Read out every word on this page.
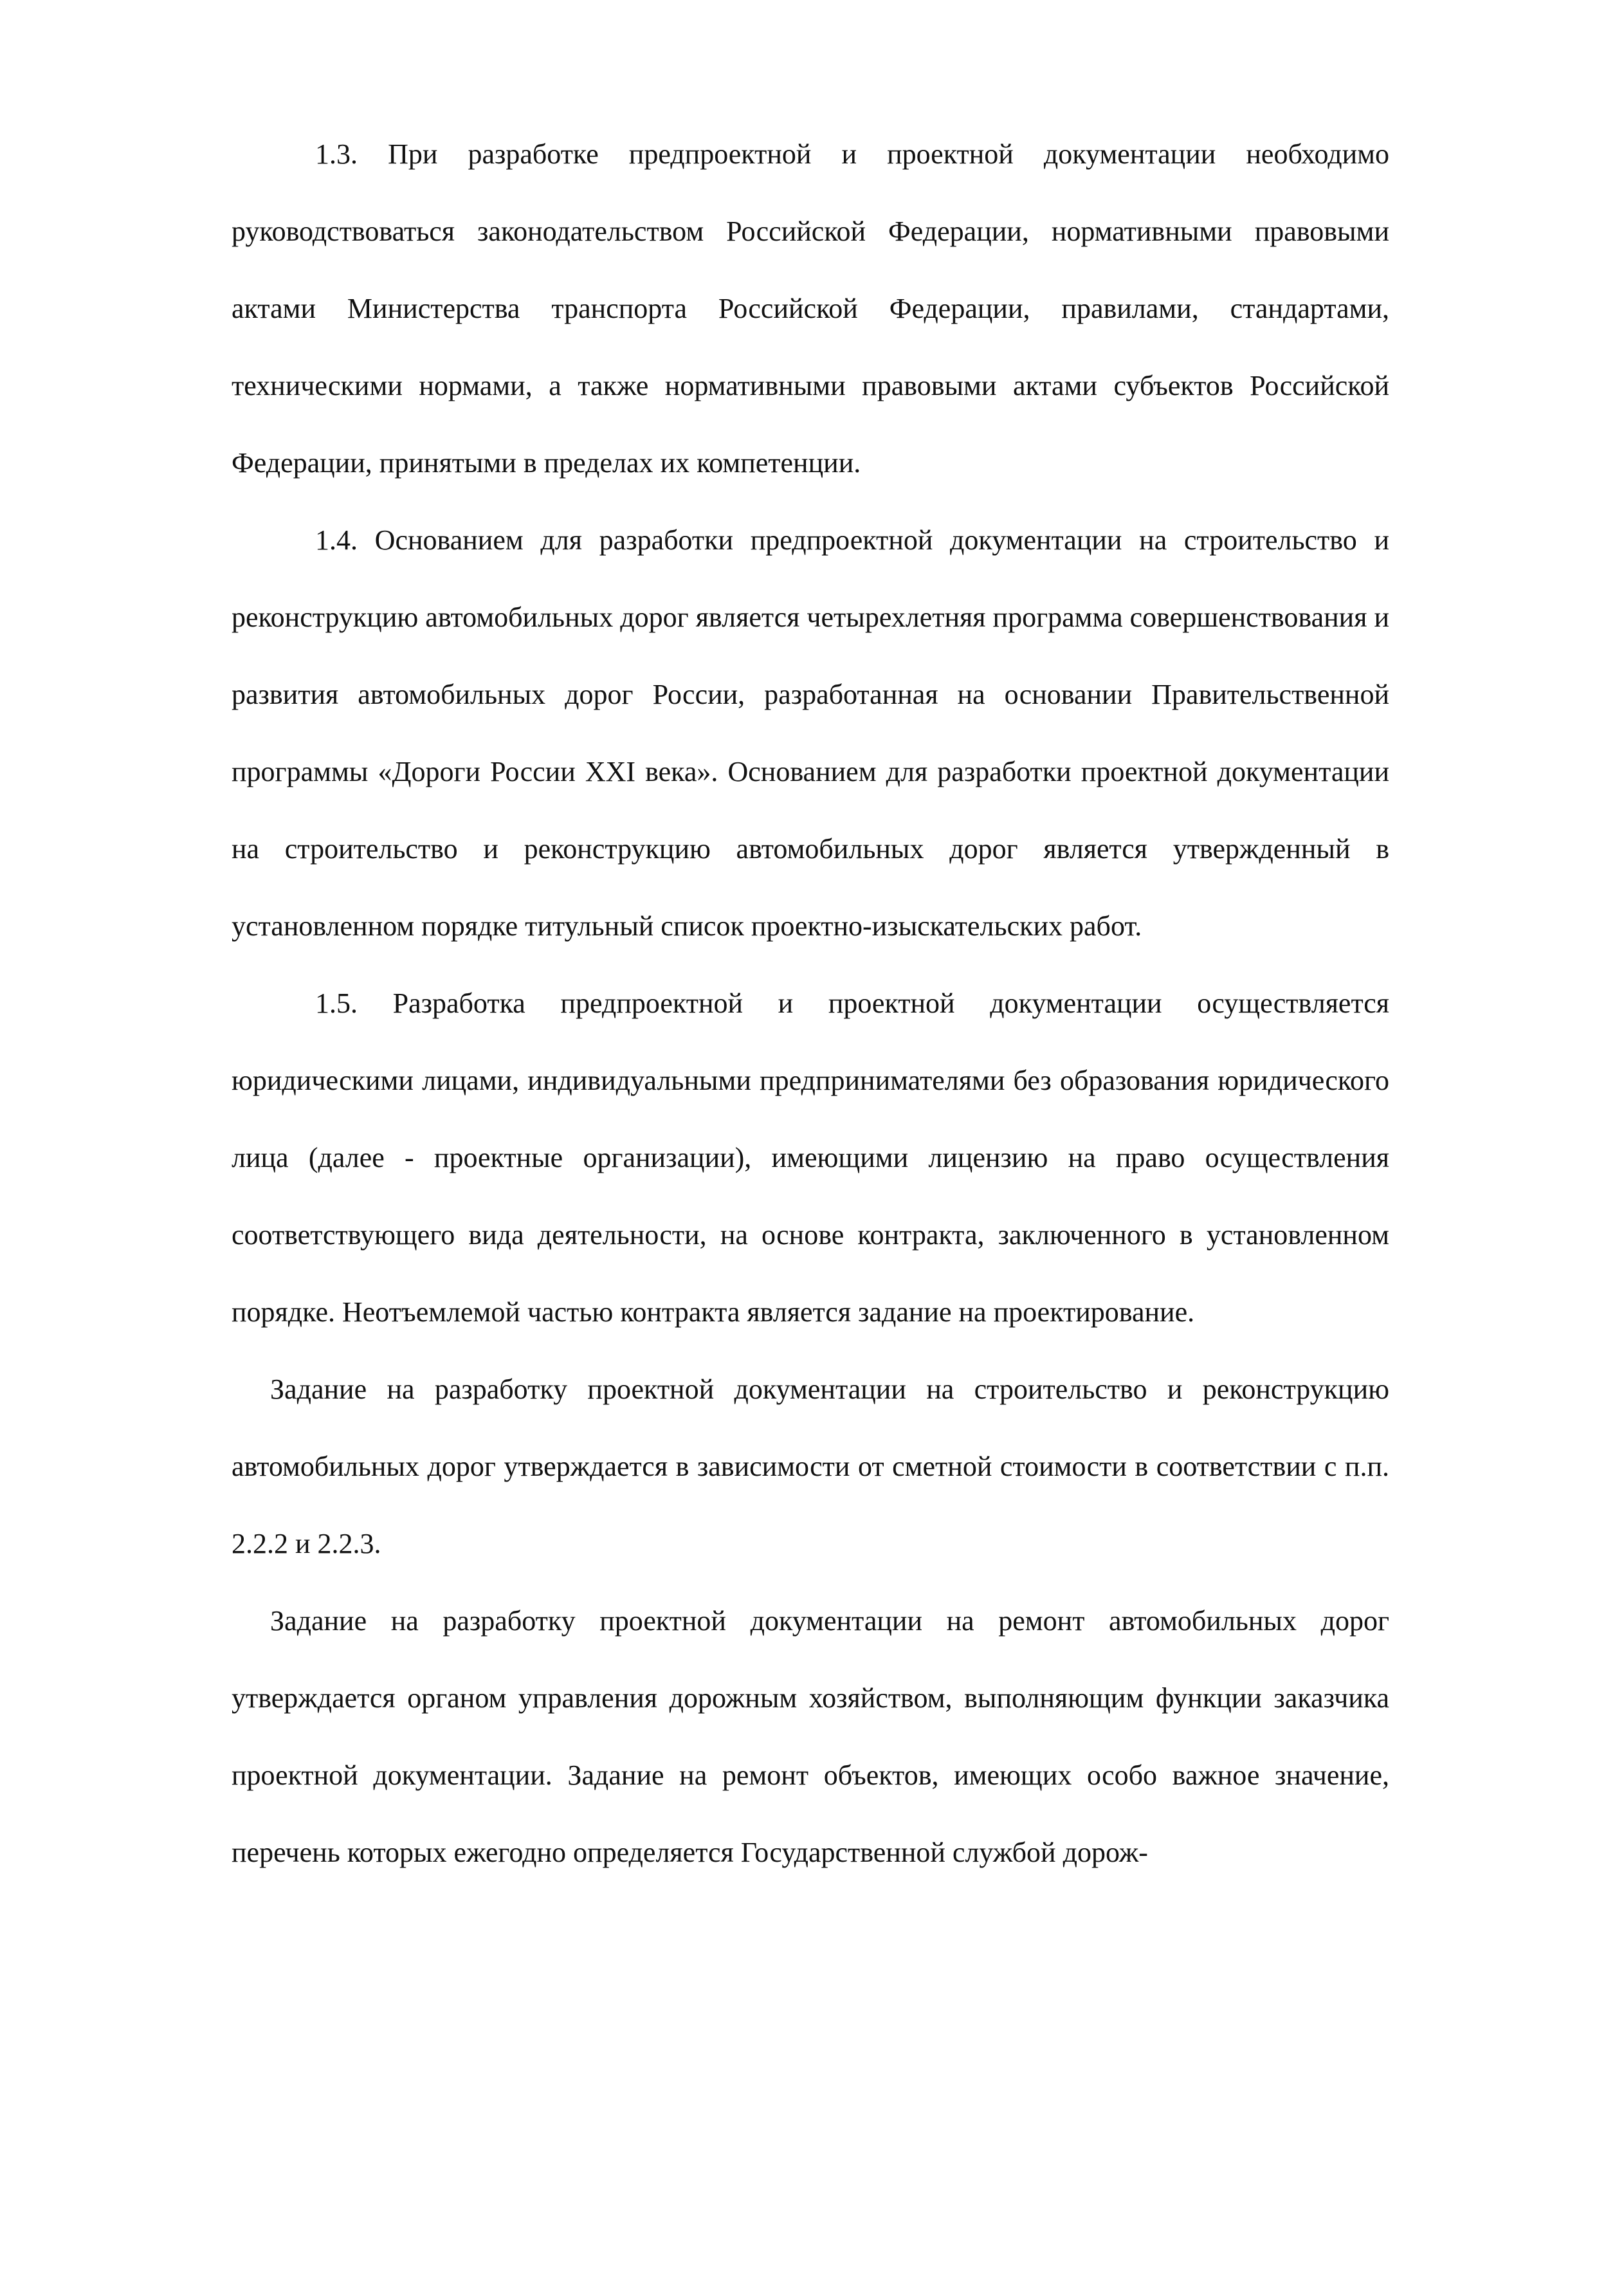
1.3. При разработке предпроектной и проектной документации необходимо руководствоваться законодательством Российской Федерации, нормативными правовыми актами Министерства транспорта Российской Федерации, правилами, стандартами, техническими нормами, а также нормативными правовыми актами субъектов Российской Федерации, принятыми в пределах их компетенции.

1.4. Основанием для разработки предпроектной документации на строительство и реконструкцию автомобильных дорог является четырехлетняя программа совершенствования и развития автомобильных дорог России, разработанная на основании Правительственной программы «Дороги России XXI века». Основанием для разработки проектной документации на строительство и реконструкцию автомобильных дорог является утвержденный в установленном порядке титульный список проектно-изыскательских работ.

1.5. Разработка предпроектной и проектной документации осуществляется юридическими лицами, индивидуальными предпринимателями без образования юридического лица (далее - проектные организации), имеющими лицензию на право осуществления соответствующего вида деятельности, на основе контракта, заключенного в установленном порядке. Неотъемлемой частью контракта является задание на проектирование.

Задание на разработку проектной документации на строительство и реконструкцию автомобильных дорог утверждается в зависимости от сметной стоимости в соответствии с п.п. 2.2.2 и 2.2.3.

Задание на разработку проектной документации на ремонт автомобильных дорог утверждается органом управления дорожным хозяйством, выполняющим функции заказчика проектной документации. Задание на ремонт объектов, имеющих особо важное значение, перечень которых ежегодно определяется Государственной службой дорож-
